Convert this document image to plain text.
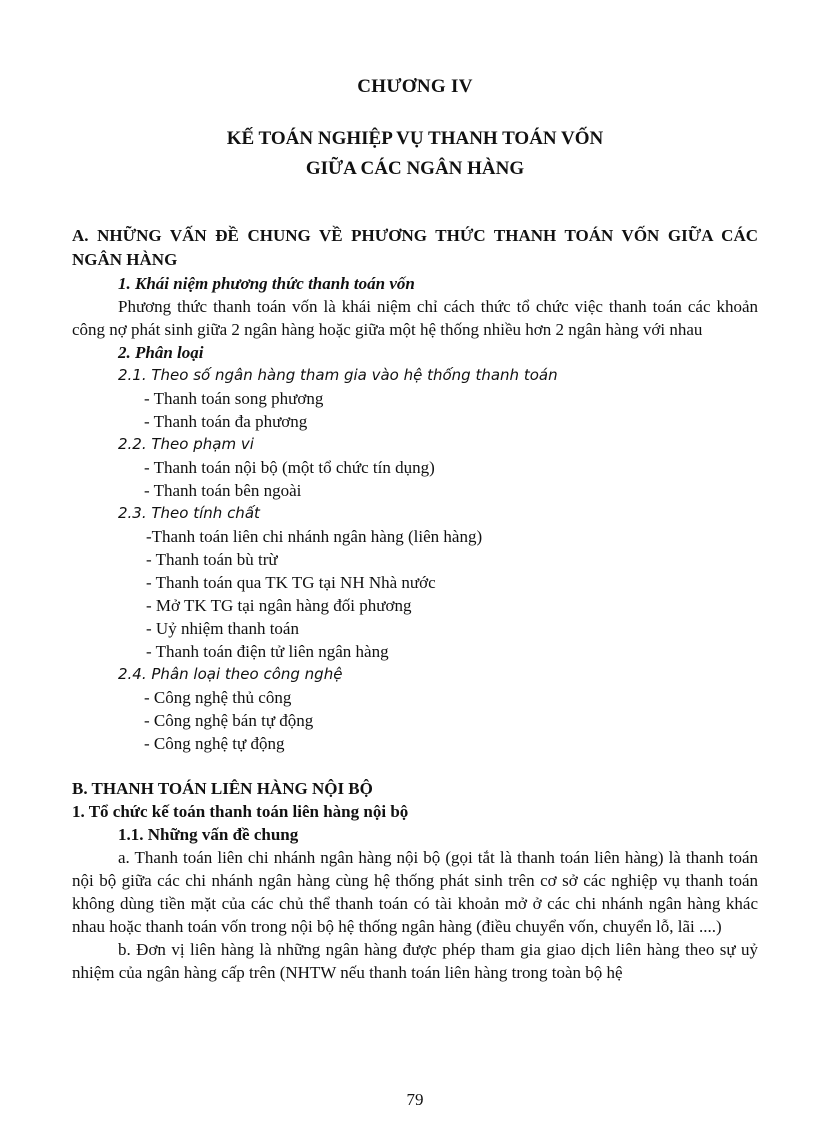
CHƯƠNG IV
KẾ TOÁN NGHIỆP VỤ THANH TOÁN VỐN
GIỮA CÁC NGÂN HÀNG

A. NHỮNG VẤN ĐỀ CHUNG VỀ PHƯƠNG THỨC THANH TOÁN VỐN GIỮA CÁC NGÂN HÀNG

1. Khái niệm phương thức thanh toán vốn

Phương thức thanh toán vốn là khái niệm chỉ cách thức tổ chức việc thanh toán các khoản công nợ phát sinh giữa 2 ngân hàng hoặc giữa một hệ thống nhiều hơn 2 ngân hàng với nhau

2. Phân loại

2.1. Theo số ngân hàng tham gia vào hệ thống thanh toán

- Thanh toán song phương

- Thanh toán đa phương

2.2. Theo phạm vi

- Thanh toán nội bộ (một tổ chức tín dụng)

- Thanh toán bên ngoài

2.3. Theo tính chất

-Thanh toán liên chi nhánh ngân hàng (liên hàng)

- Thanh toán bù trừ

- Thanh toán qua TK TG tại NH Nhà nước

- Mở TK TG tại ngân hàng đối phương

- Uỷ nhiệm thanh toán

- Thanh toán điện tử liên ngân hàng

2.4. Phân loại theo công nghệ

- Công nghệ thủ công

- Công nghệ bán tự động

- Công nghệ tự động

B. THANH TOÁN LIÊN HÀNG NỘI BỘ

1. Tổ chức kế toán thanh toán liên hàng nội bộ

1.1. Những vấn đề chung

a. Thanh toán liên chi nhánh ngân hàng nội bộ (gọi tắt là thanh toán liên hàng) là thanh toán nội bộ giữa các chi nhánh ngân hàng cùng hệ thống phát sinh trên cơ sở các nghiệp vụ thanh toán không dùng tiền mặt của các chủ thể thanh toán có tài khoản mở ở các chi nhánh ngân hàng khác nhau hoặc thanh toán vốn trong nội bộ hệ thống ngân hàng (điều chuyển vốn, chuyển lỗ, lãi ....)

b. Đơn vị liên hàng là những ngân hàng được phép tham gia giao dịch liên hàng theo sự uỷ nhiệm của ngân hàng cấp trên (NHTW nếu thanh toán liên hàng trong toàn bộ hệ

79
